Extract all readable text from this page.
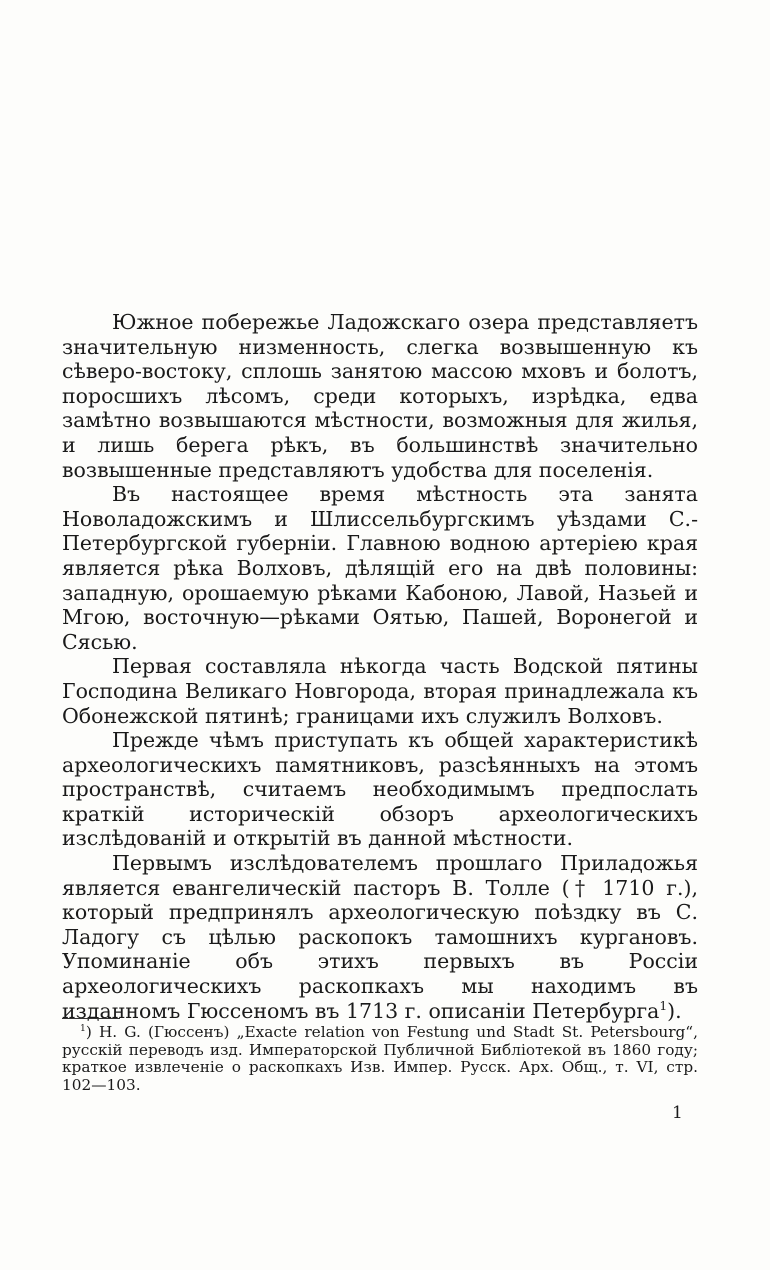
Южное побережье Ладожскаго озера представляетъ значительную низменность, слегка возвышенную къ сѣверо-востоку, сплошь занятою массою мховъ и болотъ, поросшихъ лѣсомъ, среди которыхъ, изрѣдка, едва замѣтно возвышаются мѣстности, возможныя для жилья, и лишь берега рѣкъ, въ большинствѣ значительно возвышенные представляютъ удобства для поселенія.

Въ настоящее время мѣстность эта занята Новоладожскимъ и Шлиссельбургскимъ уѣздами С.-Петербургской губерніи. Главною водною артеріею края является рѣка Волховъ, дѣлящій его на двѣ половины: западную, орошаемую рѣками Кабоною, Лавой, Назьей и Мгою, восточную—рѣками Оятью, Пашей, Воронегой и Сясью.

Первая составляла нѣкогда часть Водской пятины Господина Великаго Новгорода, вторая принадлежала къ Обонежской пятинѣ; границами ихъ служилъ Волховъ.

Прежде чѣмъ приступать къ общей характеристикѣ археологическихъ памятниковъ, разсѣянныхъ на этомъ пространствѣ, считаемъ необходимымъ предпослать краткій историческій обзоръ археологическихъ изслѣдованій и открытій въ данной мѣстности.

Первымъ изслѣдователемъ прошлаго Приладожья является евангелическій пасторъ В. Толле († 1710 г.), который предпринялъ археологическую поѣздку въ С. Ладогу съ цѣлью раскопокъ тамошнихъ кургановъ. Упоминаніе объ этихъ первыхъ въ Россіи археологическихъ раскопкахъ мы находимъ въ изданномъ Гюссеномъ въ 1713 г. описаніи Петербурга$^1$).

$^1$) H. G. (Гюссенъ) „Exacte relation von Festung und Stadt St. Petersbourg“, русскій переводъ изд. Императорской Публичной Библіотекой въ 1860 году; краткое извлеченіе о раскопкахъ Изв. Импер. Русск. Арх. Общ., т. VI, стр. 102—103.

1
